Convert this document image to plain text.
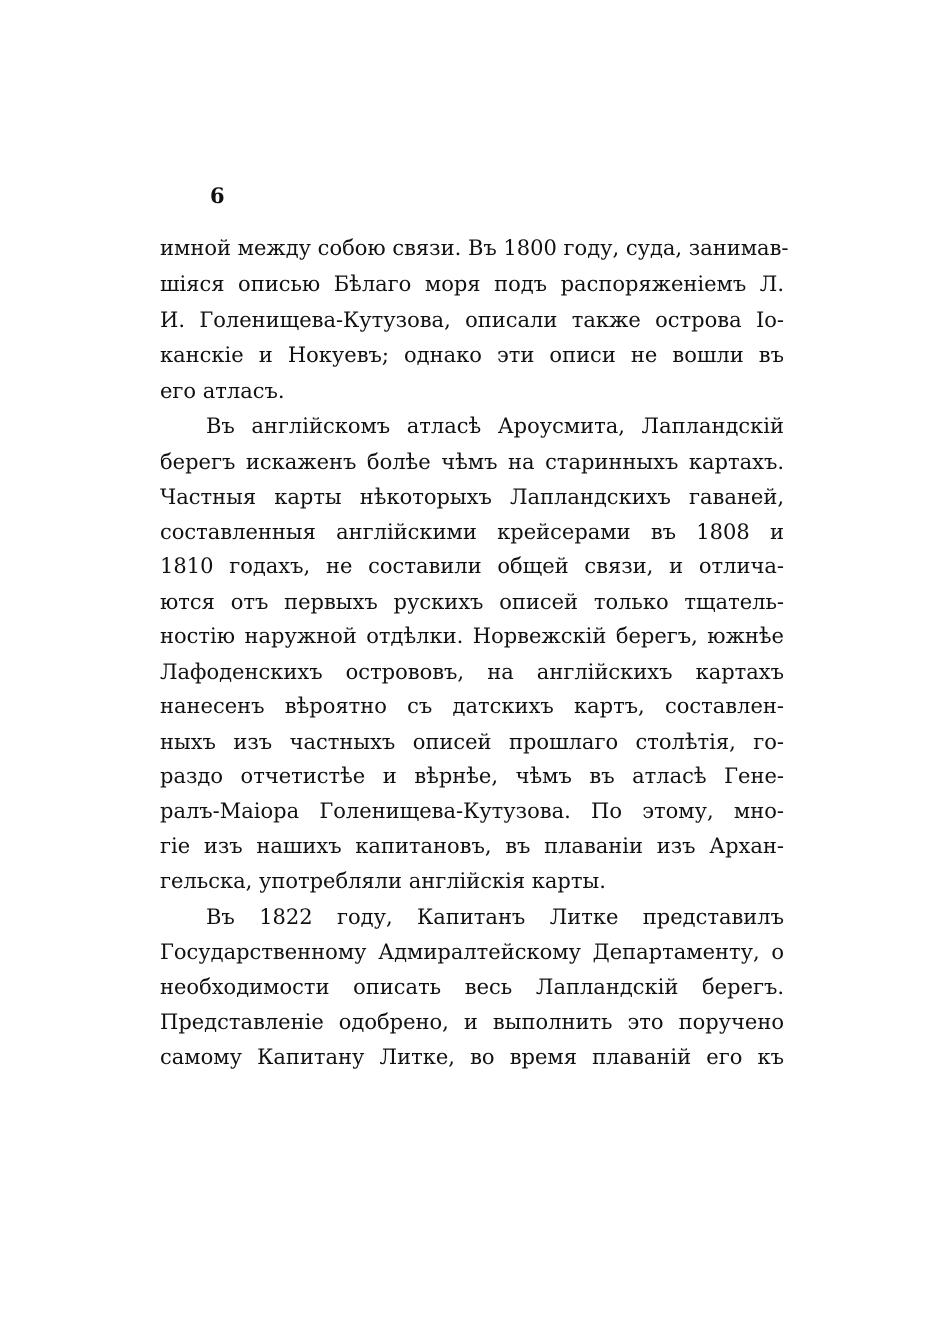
6
имной между собою связи. Въ 1800 году, суда, занимав-
шіяся описью Бѣлаго моря подъ распоряженіемъ Л.
И. Голенищева-Кутузова, описали также острова Іо-
канскіе и Нокуевъ; однако эти описи не вошли въ
его атласъ.
Въ англійскомъ атласѣ Ароусмита, Лапландскій
берегъ искаженъ болѣе чѣмъ на старинныхъ картахъ.
Частныя карты нѣкоторыхъ Лапландскихъ гаваней,
составленныя англійскими крейсерами въ 1808 и
1810 годахъ, не составили общей связи, и отлича-
ются отъ первыхъ рускихъ описей только тщатель-
ностію наружной отдѣлки. Норвежскій берегъ, южнѣе
Лафоденскихъ острововъ, на англійскихъ картахъ
нанесенъ вѣроятно съ датскихъ картъ, составлен-
ныхъ изъ частныхъ описей прошлаго столѣтія, го-
раздо отчетистѣе и вѣрнѣе, чѣмъ въ атласѣ Гене-
ралъ-Маіора Голенищева-Кутузова. По этому, мно-
гіе изъ нашихъ капитановъ, въ плаваніи изъ Архан-
гельска, употребляли англійскія карты.
Въ 1822 году, Капитанъ Литке представилъ
Государственному Адмиралтейскому Департаменту, о
необходимости описать весь Лапландскій берегъ.
Представленіе одобрено, и выполнить это поручено
самому Капитану Литке, во время плаваній его къ
